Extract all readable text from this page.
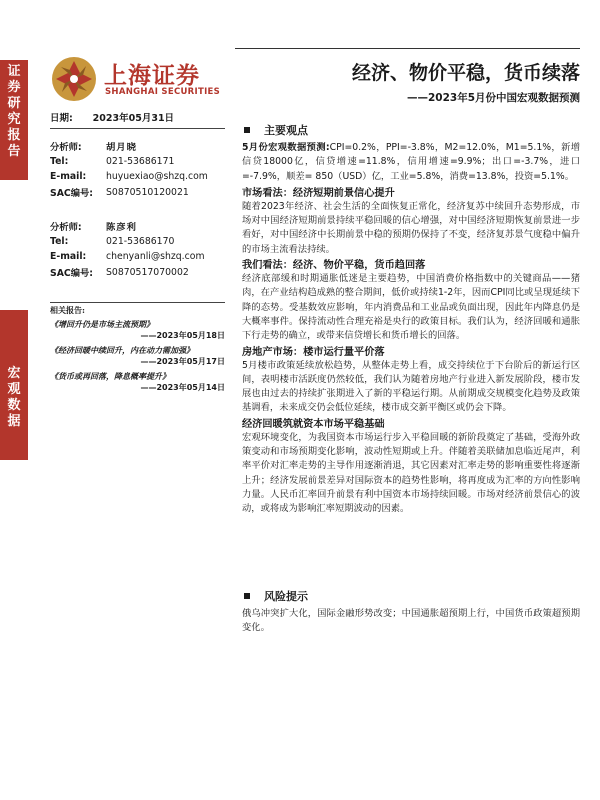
证券研究报告
宏观数据
上海证券
SHANGHAI SECURITIES
经济、物价平稳，货币续落
——2023年5月份中国宏观数据预测
日期: 2023年05月31日
分析师:	胡月晓
Tel:	021-53686171
E-mail:	huyuexiao@shzq.com
SAC编号:	S0870510120021
分析师:	陈彦利
Tel:	021-53686170
E-mail:	chenyanli@shzq.com
SAC编号:	S0870517070002
相关报告:
《增回升仍是市场主流预期》
——2023年05月18日
《经济回暖中续回升，内在动力需加强》
——2023年05月17日
《货币或再回落，降息概率提升》
——2023年05月14日
主要观点

5月份宏观数据预测:CPI=0.2%，PPI=-3.8%，M2=12.0%，M1=5.1%，新增信贷18000亿，信贷增速=11.8%，信用增速=9.9%；出口=-3.7%，进口=-7.9%，顺差= 850（USD）亿，工业=5.8%，消费=13.8%，投资=5.1%。

市场看法：经济短期前景信心提升

随着2023年经济、社会生活的全面恢复正常化，经济复苏中续回升态势形成，市场对中国经济短期前景持续平稳回暖的信心增强，对中国经济短期恢复前景进一步看好，对中国经济中长期前景中稳的预期仍保持了不变，经济复苏景气度稳中偏升的市场主流看法持续。

我们看法：经济、物价平稳，货币趋回落

经济底部缓和时期通胀低迷是主要趋势，中国消费价格指数中的关键商品——猪肉，在产业结构趋成熟的整合期间，低价或持续1-2年，因而CPI同比或呈现延续下降的态势。受基数效应影响，年内消费品和工业品或负面出现，因此年内降息仍是大概率事件。保持流动性合理充裕是央行的政策目标。我们认为，经济回暖和通胀下行走势的确立，或带来信贷增长和货币增长的回落。

房地产市场：楼市运行量平价落

5月楼市政策延续放松趋势，从整体走势上看，成交持续位于下台阶后的新运行区间，表明楼市活跃度仍然较低，我们认为随着房地产行业进入新发展阶段，楼市发展也由过去的持续扩张期进入了新的平稳运行期。从前期成交规模变化趋势及政策基调看，未来成交仍会低位延续，楼市成交新平衡区或仍会下降。

经济回暖筑就资本市场平稳基础

宏观环境变化，为我国资本市场运行步入平稳回暖的新阶段奠定了基础，受海外政策变动和市场预期变化影响，波动性短期或上升。伴随着美联储加息临近尾声，利率平价对汇率走势的主导作用逐渐消退，其它因素对汇率走势的影响重要性将逐渐上升；经济发展前景差异对国际资本的趋势性影响，将再度成为汇率的方向性影响力量。人民币汇率回升前景有利中国资本市场持续回暖。市场对经济前景信心的波动，或将成为影响汇率短期波动的因素。

风险提示

俄乌冲突扩大化，国际金融形势改变；中国通胀超预期上行，中国货币政策超预期变化。
